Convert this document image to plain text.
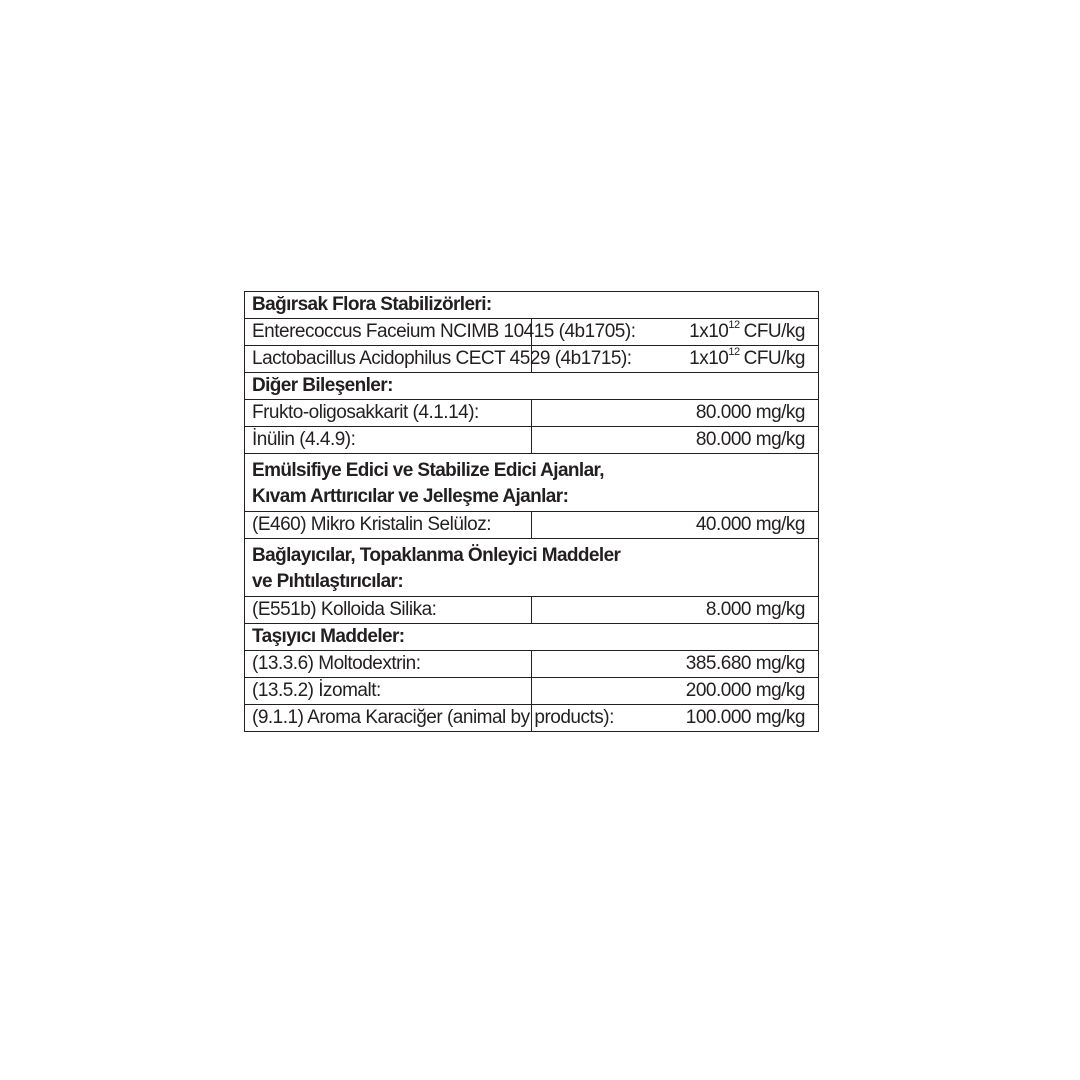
Bağırsak Flora Stabilizörleri:	

Enterecoccus Faceium NCIMB 10415 (4b1705):	$1x10^{12}$ CFU/kg
Lactobacillus Acidophilus CECT 4529 (4b1715):	$1x10^{12}$ CFU/kg

Diğer Bileşenler:	

Frukto-oligosakkarit (4.1.14):	80.000 mg/kg
İnülin (4.4.9):	80.000 mg/kg

Emülsifiye Edici ve Stabilize Edici Ajanlar,
Kıvam Arttırıcılar ve Jelleşme Ajanlar:	

(E460) Mikro Kristalin Selüloz:	40.000 mg/kg

Bağlayıcılar, Topaklanma Önleyici Maddeler
ve Pıhtılaştırıcılar:	

(E551b) Kolloida Silika:	8.000 mg/kg

Taşıyıcı Maddeler:	

(13.3.6) Moltodextrin:	385.680 mg/kg
(13.5.2) İzomalt:	200.000 mg/kg
(9.1.1) Aroma Karaciğer (animal by products):	100.000 mg/kg
